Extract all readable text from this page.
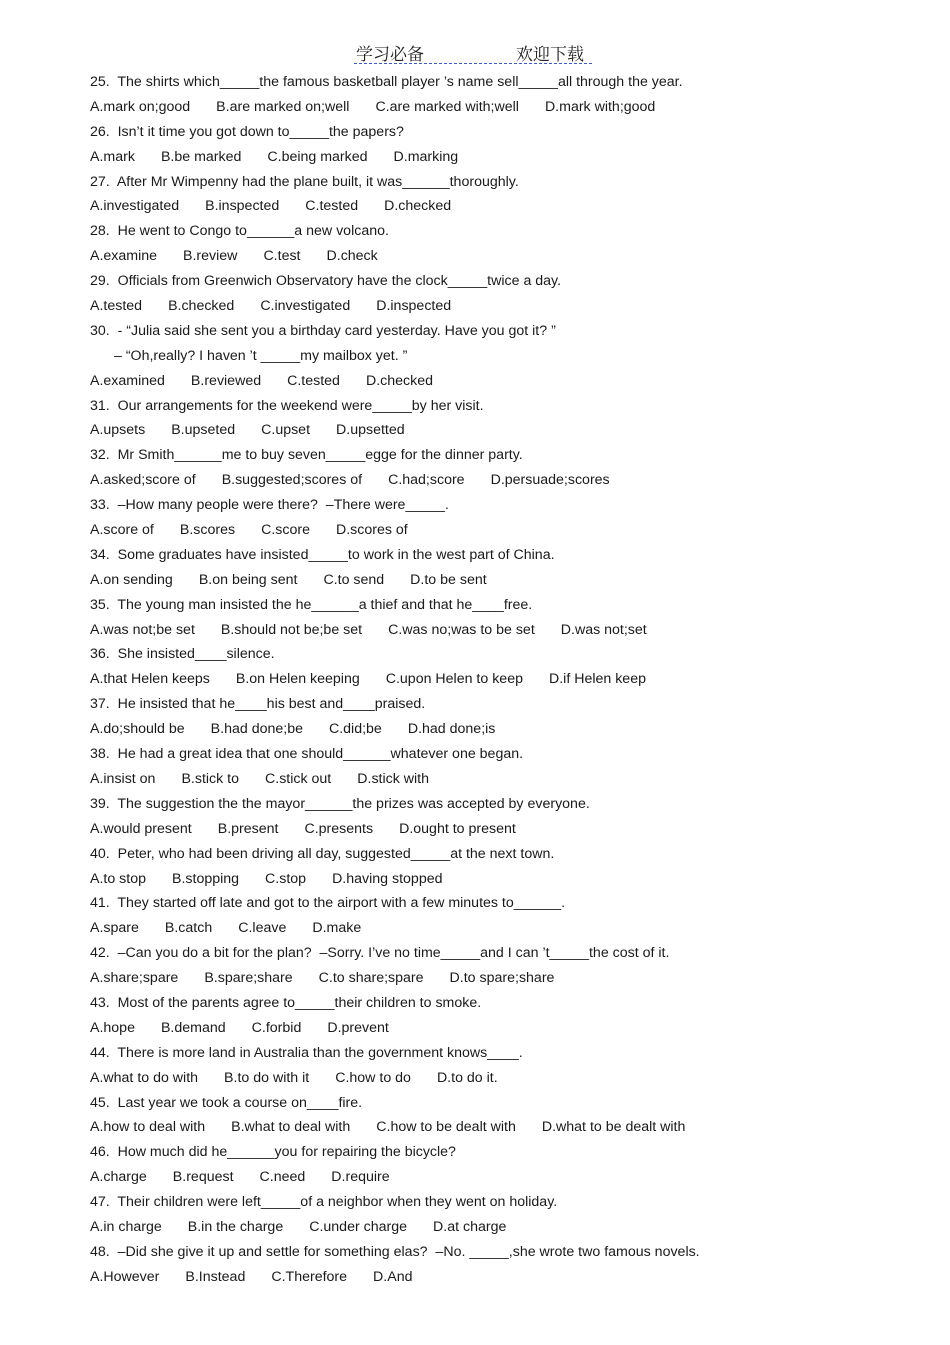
学习必备	欢迎下载
25.  The shirts which_____the famous basketball player ’s name sell_____all through the year.
A.mark on;good B.are marked on;well C.are marked with;well D.mark with;good
26.  Isn’t it time you got down to_____the papers?
A.mark B.be marked C.being marked D.marking
27.  After Mr Wimpenny had the plane built, it was______thoroughly.
A.investigated B.inspected C.tested D.checked
28.  He went to Congo to______a new volcano.
A.examine B.review C.test D.check
29.  Officials from Greenwich Observatory have the clock_____twice a day.
A.tested B.checked C.investigated D.inspected
30.  - “Julia said she sent you a birthday card yesterday. Have you got it? ”
– “Oh,really? I haven ’t _____my mailbox yet. ”
A.examined B.reviewed C.tested D.checked
31.  Our arrangements for the weekend were_____by her visit.
A.upsets B.upseted C.upset D.upsetted
32.  Mr Smith______me to buy seven_____egge for the dinner party.
A.asked;score of B.suggested;scores of C.had;score D.persuade;scores
33.  –How many people were there?  –There were_____.
A.score of B.scores C.score D.scores of
34.  Some graduates have insisted_____to work in the west part of China.
A.on sending B.on being sent C.to send D.to be sent
35.  The young man insisted the he______a thief and that he____free.
A.was not;be set B.should not be;be set C.was no;was to be set D.was not;set
36.  She insisted____silence.
A.that Helen keeps B.on Helen keeping C.upon Helen to keep D.if Helen keep
37.  He insisted that he____his best and____praised.
A.do;should be B.had done;be C.did;be D.had done;is
38.  He had a great idea that one should______whatever one began.
A.insist on B.stick to C.stick out D.stick with
39.  The suggestion the the mayor______the prizes was accepted by everyone.
A.would present B.present C.presents D.ought to present
40.  Peter, who had been driving all day, suggested_____at the next town.
A.to stop B.stopping C.stop D.having stopped
41.  They started off late and got to the airport with a few minutes to______.
A.spare B.catch C.leave D.make
42.  –Can you do a bit for the plan?  –Sorry. I’ve no time_____and I can ’t_____the cost of it.
A.share;spare B.spare;share C.to share;spare D.to spare;share
43.  Most of the parents agree to_____their children to smoke.
A.hope B.demand C.forbid D.prevent
44.  There is more land in Australia than the government knows____.
A.what to do with B.to do with it C.how to do D.to do it.
45.  Last year we took a course on____fire.
A.how to deal with B.what to deal with C.how to be dealt with D.what to be dealt with
46.  How much did he______you for repairing the bicycle?
A.charge B.request C.need D.require
47.  Their children were left_____of a neighbor when they went on holiday.
A.in charge B.in the charge C.under charge D.at charge
48.  –Did she give it up and settle for something elas?  –No. _____,she wrote two famous novels.
A.However B.Instead C.Therefore D.And
